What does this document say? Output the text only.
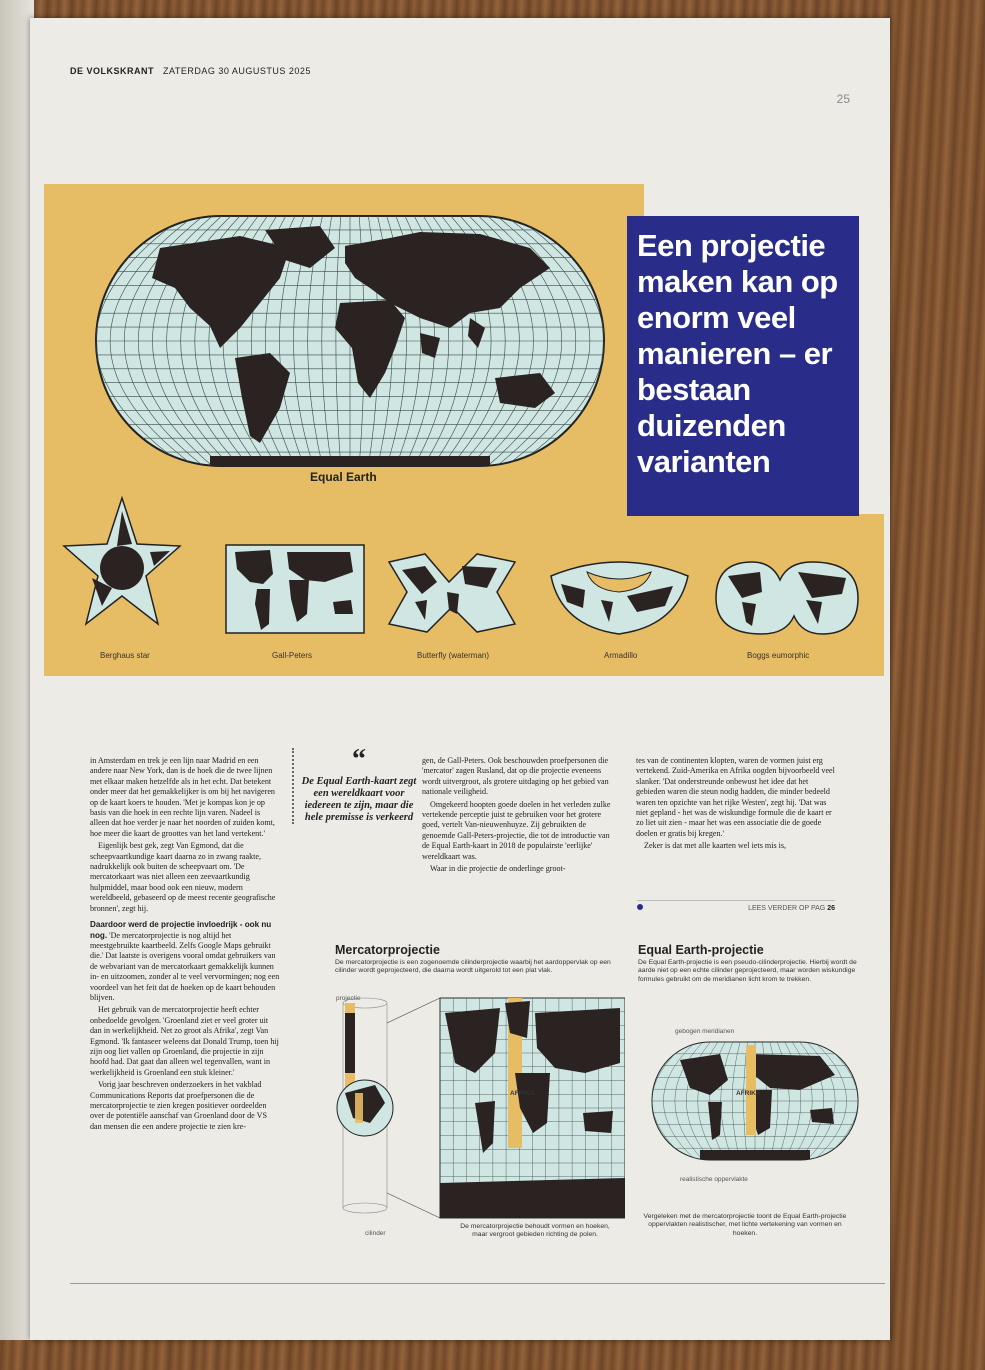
DE VOLKSKRANT ZATERDAG 30 AUGUSTUS 2025
25
Equal Earth
Een projectie maken kan op enorm veel manieren – er bestaan duizenden varianten
Berghaus star	Gall-Peters	Butterfly (waterman)	Armadillo	Boggs eumorphic

in Amsterdam en trek je een lijn naar Madrid en een andere naar New York, dan is de hoek die de twee lijnen met elkaar maken hetzelfde als in het echt. Dat betekent onder meer dat het gemakkelijker is om bij het navigeren op de kaart koers te houden. 'Met je kompas kon je op basis van die hoek in een rechte lijn varen. Nadeel is alleen dat hoe verder je naar het noorden of zuiden komt, hoe meer die kaart de groottes van het land vertekent.'

Eigenlijk best gek, zegt Van Egmond, dat die scheepvaartkundige kaart daarna zo in zwang raakte, nadrukkelijk ook buiten de scheepvaart om. 'De mercatorkaart was niet alleen een zeevaartkundig hulpmiddel, maar bood ook een nieuw, modern wereldbeeld, gebaseerd op de meest recente geografische bronnen', zegt hij.

Daardoor werd de projectie invloedrijk - ook nu nog. 'De mercatorprojectie is nog altijd het meestgebruikte kaartbeeld. Zelfs Google Maps gebruikt die.' Dat laatste is overigens vooral omdat gebruikers van de webvariant van de mercatorkaart gemakkelijk kunnen in- en uitzoomen, zonder al te veel vervormingen; nog een voordeel van het feit dat de hoeken op de kaart behouden blijven.

Het gebruik van de mercatorprojectie heeft echter onbedoelde gevolgen. 'Groenland ziet er veel groter uit dan in werkelijkheid. Net zo groot als Afrika', zegt Van Egmond. 'Ik fantaseer weleens dat Donald Trump, toen hij zijn oog liet vallen op Groenland, die projectie in zijn hoofd had. Dat gaat dan alleen wel tegenvallen, want in werkelijkheid is Groenland een stuk kleiner.'

Vorig jaar beschreven onderzoekers in het vakblad Communications Reports dat proefpersonen die de mercatorprojectie te zien kregen positiever oordeelden over de potentiële aanschaf van Groenland door de VS dan mensen die een andere projectie te zien kre-

“
De Equal Earth-kaart zegt een wereldkaart voor iedereen te zijn, maar die hele premisse is verkeerd

gen, de Gall-Peters. Ook beschouwden proefpersonen die 'mercator' zagen Rusland, dat op die projectie eveneens wordt uitvergroot, als grotere uitdaging op het gebied van nationale veiligheid.

Omgekeerd hoopten goede doelen in het verleden zulke vertekende perceptie juist te gebruiken voor het grotere goed, vertelt Van-nieuwenhuyze. Zij gebruikten de genoemde Gall-Peters-projectie, die tot de introductie van de Equal Earth-kaart in 2018 de populairste 'eerlijke' wereldkaart was.

Waar in die projectie de onderlinge groot-

tes van de continenten klopten, waren de vormen juist erg vertekend. Zuid-Amerika en Afrika oogden bijvoorbeeld veel slanker. 'Dat onderstreunde onbewust het idee dat het gebieden waren die steun nodig hadden, die minder bedeeld waren ten opzichte van het rijke Westen', zegt hij. 'Dat was niet gepland - het was de wiskundige formule die de kaart er zo liet uit zien - maar het was een associatie die de goede doelen er gratis bij kregen.'

Zeker is dat met alle kaarten wel iets mis is,

LEES VERDER OP PAG 26
Mercatorprojectie
De mercatorprojectie is een zogenoemde cilinderprojectie waarbij het aardoppervlak op een cilinder wordt geprojecteerd, die daarna wordt uitgerold tot een plat vlak.
projectie
cilinder
AFRIKA
De mercatorprojectie behoudt vormen en hoeken, maar vergroot gebieden richting de polen.
Equal Earth-projectie
De Equal Earth-projectie is een pseudo-cilinderprojectie. Hierbij wordt de aarde niet op een echte cilinder geprojecteerd, maar worden wiskundige formules gebruikt om de meridianen licht krom te trekken.
gebogen meridianen
AFRIKA
realistische oppervlakte
Vergeleken met de mercatorprojectie toont de Equal Earth-projectie oppervlakten realistischer, met lichte vertekening van vormen en hoeken.
